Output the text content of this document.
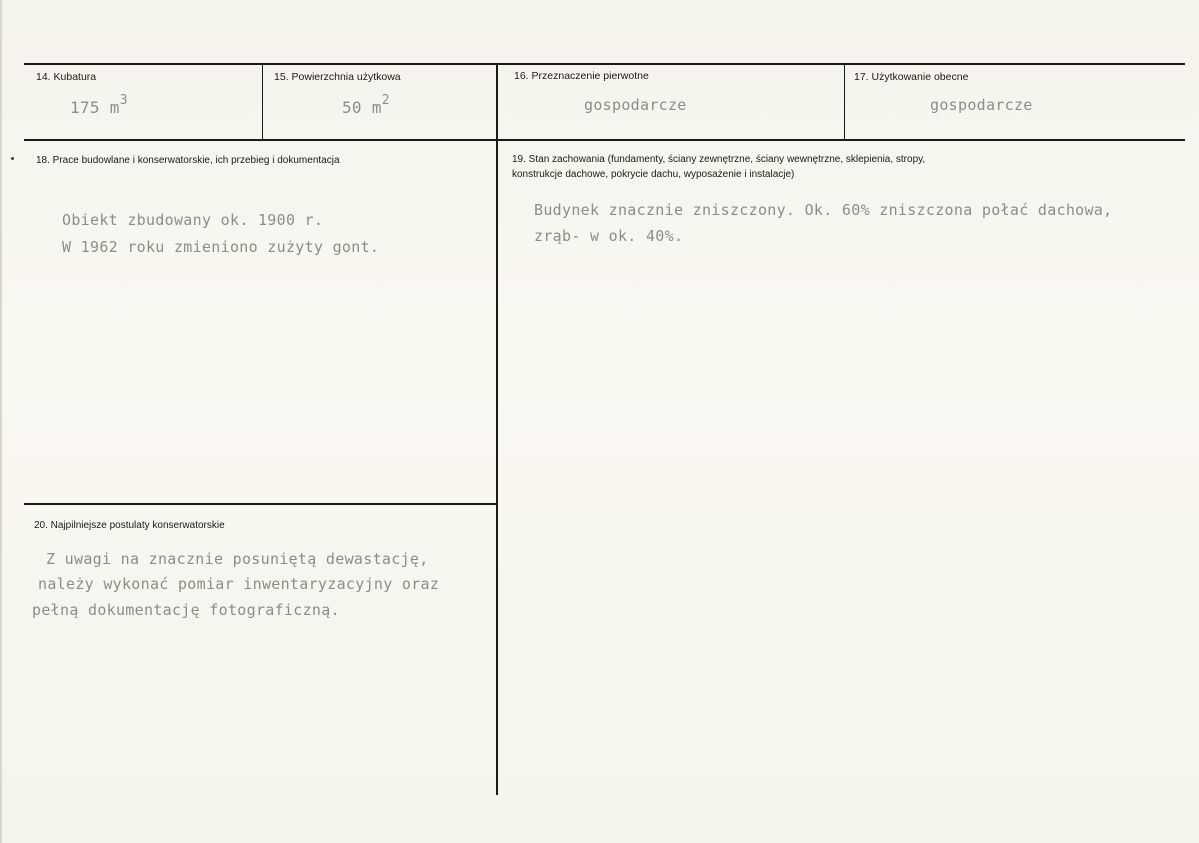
14. Kubatura
175 $m^3$
15. Powierzchnia użytkowa
50 $m^2$
16. Przeznaczenie pierwotne
gospodarcze
17. Użytkowanie obecne
gospodarcze
18. Prace budowlane i konserwatorskie, ich przebieg i dokumentacja
Obiekt zbudowany ok. 1900 r.
W 1962 roku zmieniono zużyty gont.
19. Stan zachowania (fundamenty, ściany zewnętrzne, ściany wewnętrzne, sklepienia, stropy,
konstrukcje dachowe, pokrycie dachu, wyposażenie i instalacje)
Budynek znacznie zniszczony. Ok. 60% zniszczona połać dachowa,
zrąb- w ok. 40%.
20. Najpilniejsze postulaty konserwatorskie
Z uwagi na znacznie posuniętą dewastację,
należy wykonać pomiar inwentaryzacyjny oraz
pełną dokumentację fotograficzną.
